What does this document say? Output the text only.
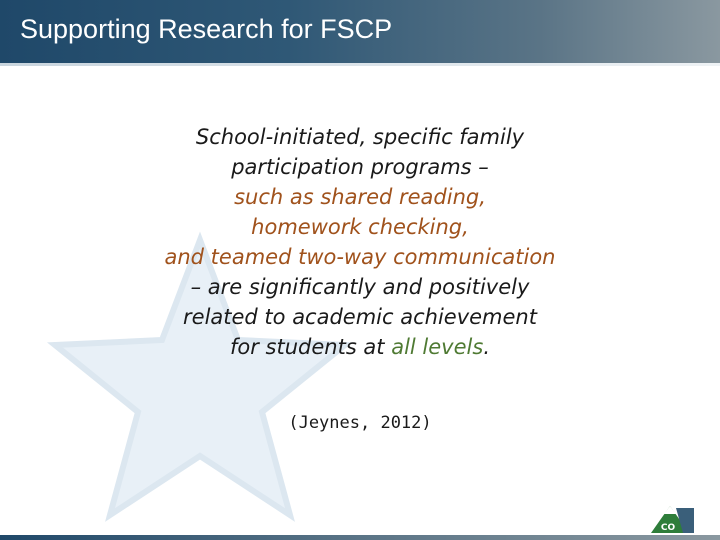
Supporting Research for FSCP
School-initiated, specific family
participation programs –
such as shared reading,
homework checking,
and teamed two-way communication
– are significantly and positively
related to academic achievement
for students at all levels.
(Jeynes, 2012)
CO
